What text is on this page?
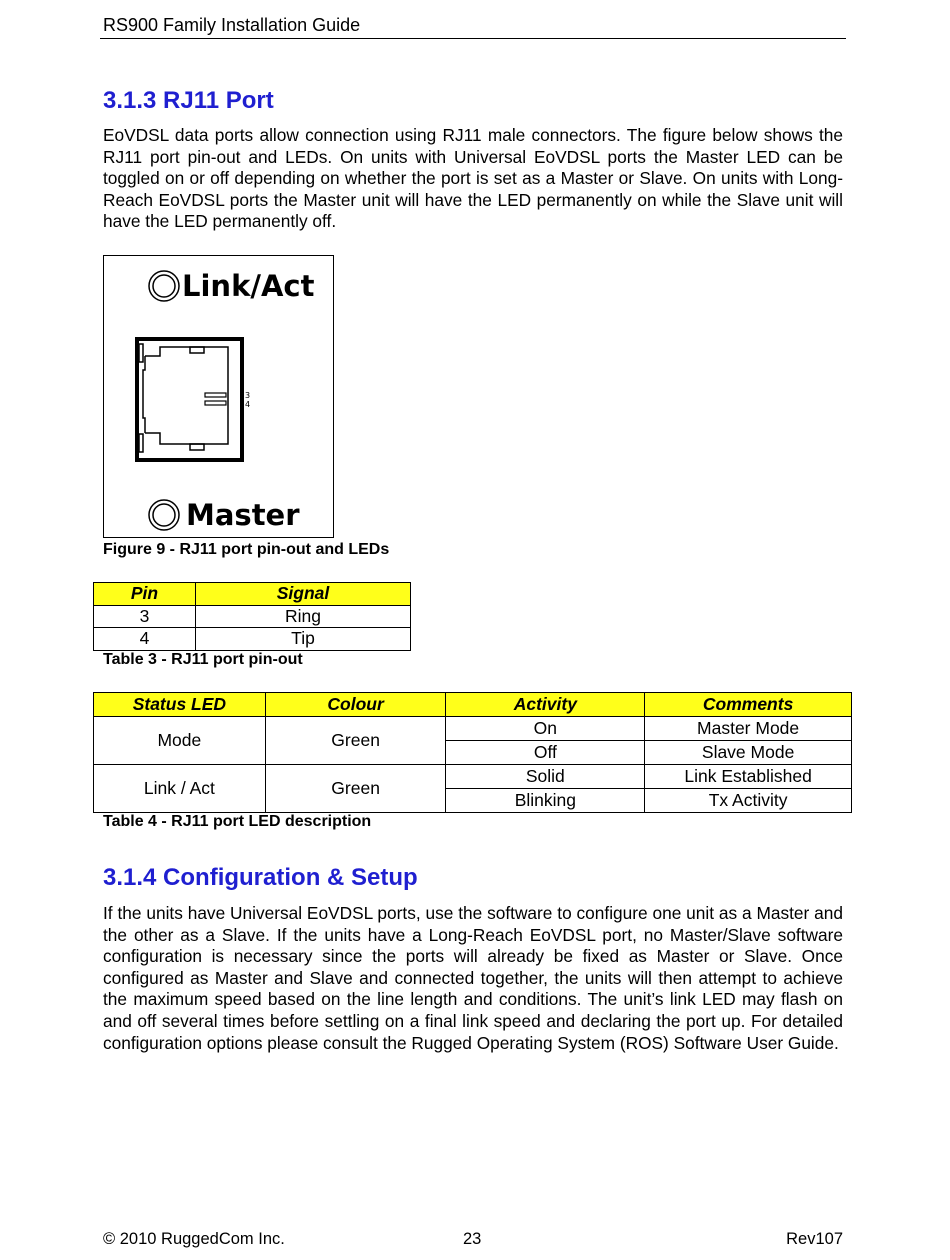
RS900 Family Installation Guide
3.1.3 RJ11 Port

EoVDSL data ports allow connection using RJ11 male connectors. The figure below shows the RJ11 port pin-out and LEDs. On units with Universal EoVDSL ports the Master LED can be toggled on or off depending on whether the port is set as a Master or Slave. On units with Long-Reach EoVDSL ports the Master unit will have the LED permanently on while the Slave unit will have the LED permanently off.

Link/Act
3
4
Master

Figure 9 - RJ11 port pin-out and LEDs

Pin	Signal
3	Ring
4	Tip

Table 3 - RJ11 port pin-out

Status LED	Colour	Activity	Comments
Mode	Green	On	Master Mode
		Off	Slave Mode
Link / Act	Green	Solid	Link Established
		Blinking	Tx Activity

Table 4 - RJ11 port LED description

3.1.4 Configuration & Setup

If the units have Universal EoVDSL ports, use the software to configure one unit as a Master and the other as a Slave. If the units have a Long-Reach EoVDSL port, no Master/Slave software configuration is necessary since the ports will already be fixed as Master or Slave. Once configured as Master and Slave and connected together, the units will then attempt to achieve the maximum speed based on the line length and conditions. The unit’s link LED may flash on and off several times before settling on a final link speed and declaring the port up. For detailed configuration options please consult the Rugged Operating System (ROS) Software User Guide.

© 2010 RuggedCom Inc.	23	Rev107
